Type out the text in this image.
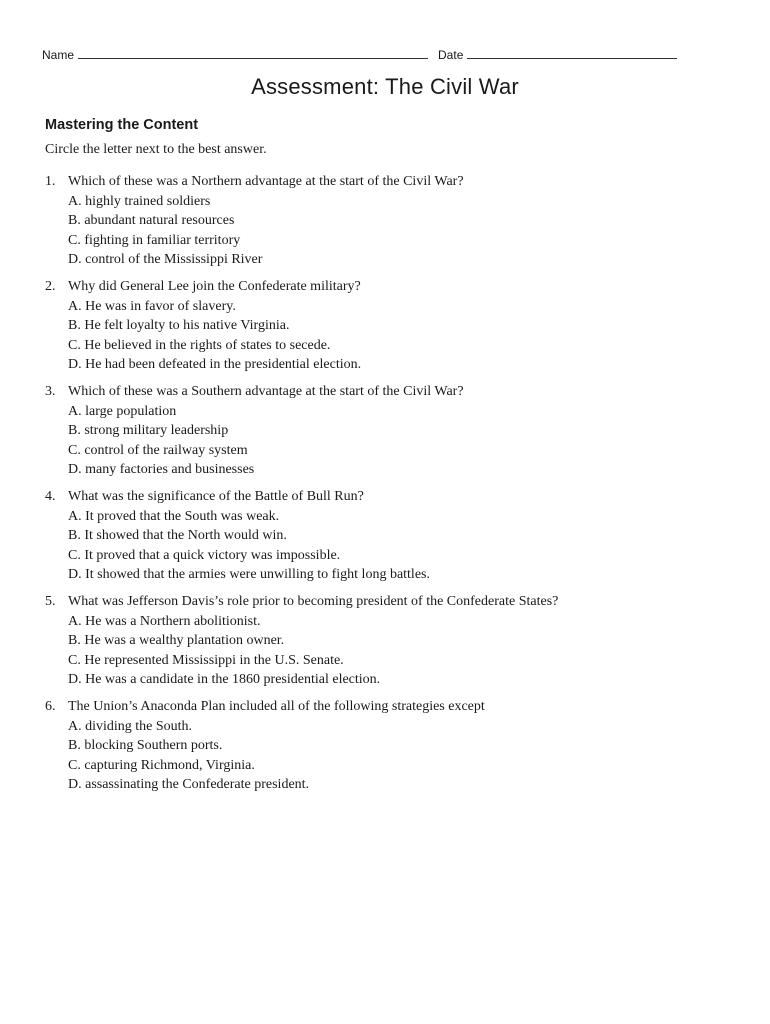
Name	Date
Assessment: The Civil War
Mastering the Content

Circle the letter next to the best answer.

1. Which of these was a Northern advantage at the start of the Civil War?
A. highly trained soldiers
B. abundant natural resources
C. fighting in familiar territory
D. control of the Mississippi River
2. Why did General Lee join the Confederate military?
A. He was in favor of slavery.
B. He felt loyalty to his native Virginia.
C. He believed in the rights of states to secede.
D. He had been defeated in the presidential election.
3. Which of these was a Southern advantage at the start of the Civil War?
A. large population
B. strong military leadership
C. control of the railway system
D. many factories and businesses
4. What was the significance of the Battle of Bull Run?
A. It proved that the South was weak.
B. It showed that the North would win.
C. It proved that a quick victory was impossible.
D. It showed that the armies were unwilling to fight long battles.
5. What was Jefferson Davis’s role prior to becoming president of the Confederate States?
A. He was a Northern abolitionist.
B. He was a wealthy plantation owner.
C. He represented Mississippi in the U.S. Senate.
D. He was a candidate in the 1860 presidential election.
6. The Union’s Anaconda Plan included all of the following strategies except
A. dividing the South.
B. blocking Southern ports.
C. capturing Richmond, Virginia.
D. assassinating the Confederate president.
